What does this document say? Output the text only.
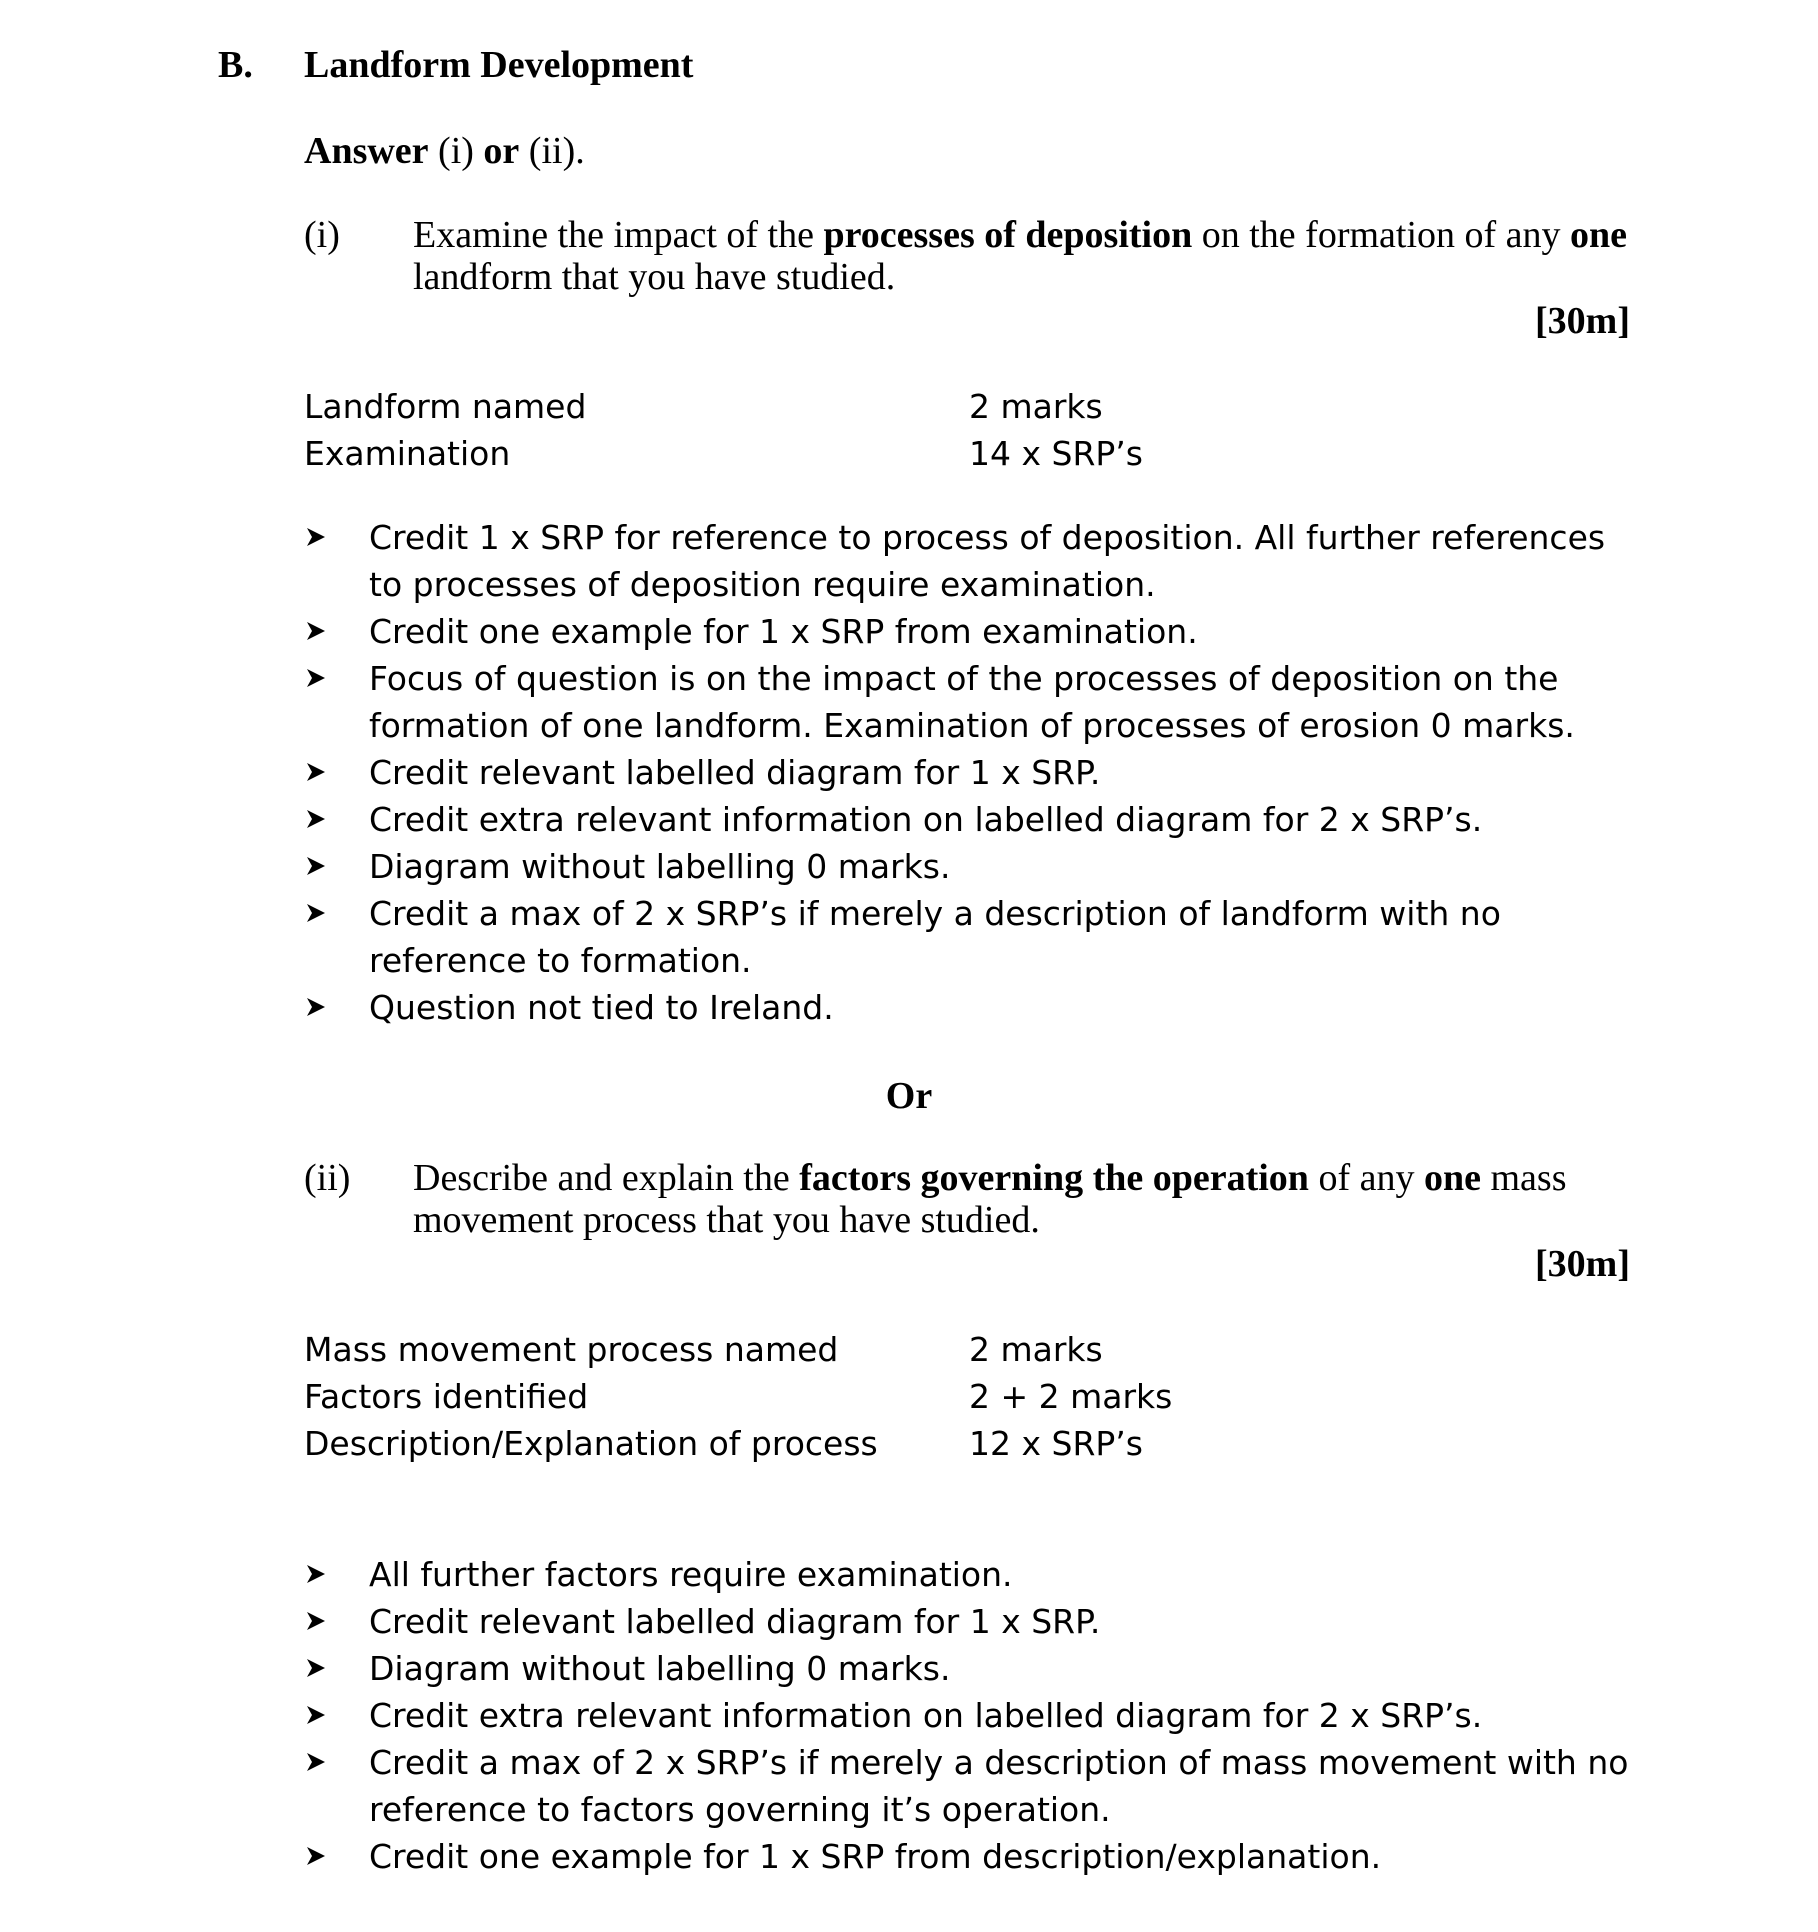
B. Landform Development
Answer (i) or (ii).
(i) Examine the impact of the processes of deposition on the formation of any one landform that you have studied.
[30m]
Landform named	2 marks
Examination	14 x SRP’s
Credit 1 x SRP for reference to process of deposition. All further references to processes of deposition require examination.
Credit one example for 1 x SRP from examination.
Focus of question is on the impact of the processes of deposition on the formation of one landform. Examination of processes of erosion 0 marks.
Credit relevant labelled diagram for 1 x SRP.
Credit extra relevant information on labelled diagram for 2 x SRP’s.
Diagram without labelling 0 marks.
Credit a max of 2 x SRP’s if merely a description of landform with no reference to formation.
Question not tied to Ireland.
Or
(ii) Describe and explain the factors governing the operation of any one mass movement process that you have studied.
[30m]
Mass movement process named	2 marks
Factors identified	2 + 2 marks
Description/Explanation of process	12 x SRP’s
All further factors require examination.
Credit relevant labelled diagram for 1 x SRP.
Diagram without labelling 0 marks.
Credit extra relevant information on labelled diagram for 2 x SRP’s.
Credit a max of 2 x SRP’s if merely a description of mass movement with no reference to factors governing it’s operation.
Credit one example for 1 x SRP from description/explanation.
